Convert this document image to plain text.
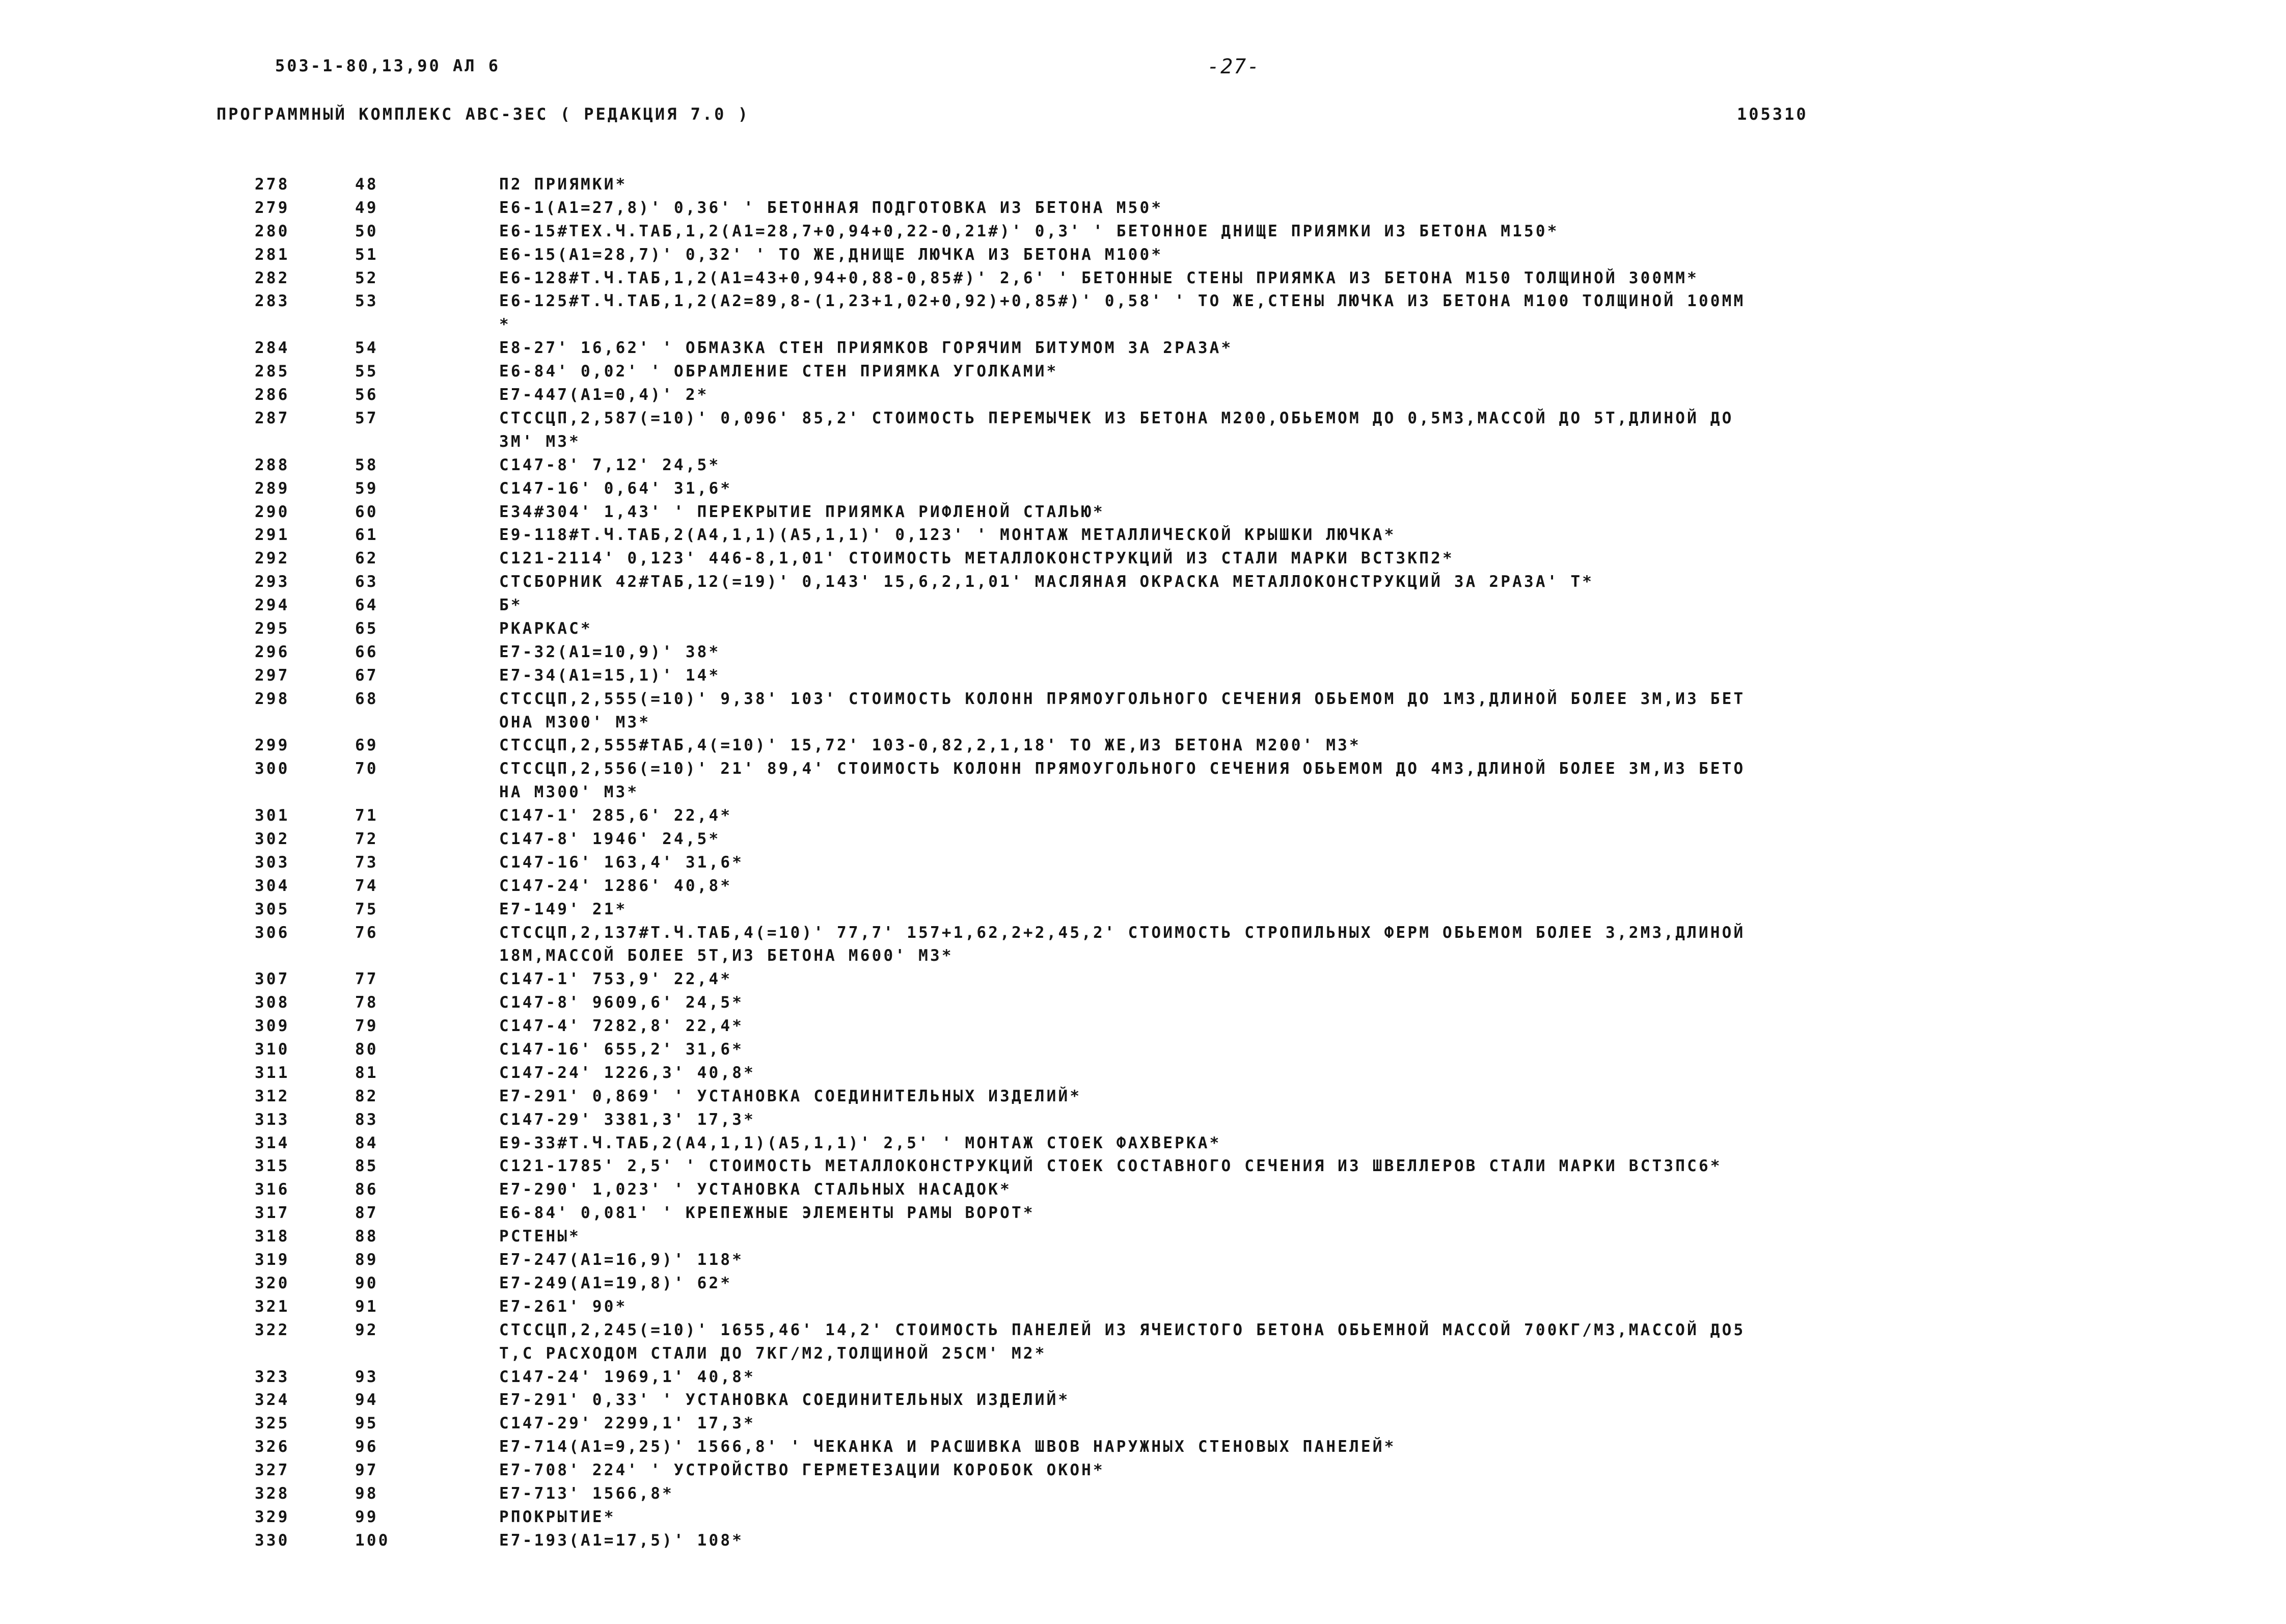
503-1-80,13,90 АЛ 6	-27-
ПРОГРАММНЫЙ КОМПЛЕКС АВС-3ЕС ( РЕДАКЦИЯ 7.0 )	105310
278	48	П2 ПРИЯМКИ*
279	49	Е6-1(А1=27,8)' 0,36' ' БЕТОННАЯ ПОДГОТОВКА ИЗ БЕТОНА М50*
280	50	Е6-15#ТЕХ.Ч.ТАБ,1,2(А1=28,7+0,94+0,22-0,21#)' 0,3' ' БЕТОННОЕ ДНИЩЕ ПРИЯМКИ ИЗ БЕТОНА М150*
281	51	Е6-15(А1=28,7)' 0,32' ' ТО ЖЕ,ДНИЩЕ ЛЮЧКА ИЗ БЕТОНА М100*
282	52	Е6-128#Т.Ч.ТАБ,1,2(А1=43+0,94+0,88-0,85#)' 2,6' ' БЕТОННЫЕ СТЕНЫ ПРИЯМКА ИЗ БЕТОНА М150 ТОЛЩИНОЙ 300ММ*
283	53	Е6-125#Т.Ч.ТАБ,1,2(А2=89,8-(1,23+1,02+0,92)+0,85#)' 0,58' ' ТО ЖЕ,СТЕНЫ ЛЮЧКА ИЗ БЕТОНА М100 ТОЛЩИНОЙ 100ММ
*
284	54	Е8-27' 16,62' ' ОБМАЗКА СТЕН ПРИЯМКОВ ГОРЯЧИМ БИТУМОМ ЗА 2РАЗА*
285	55	Е6-84' 0,02' ' ОБРАМЛЕНИЕ СТЕН ПРИЯМКА УГОЛКАМИ*
286	56	Е7-447(А1=0,4)' 2*
287	57	СТССЦП,2,587(=10)' 0,096' 85,2' СТОИМОСТЬ ПЕРЕМЫЧЕК ИЗ БЕТОНА М200,ОБЬЕМОМ ДО 0,5М3,МАССОЙ ДО 5Т,ДЛИНОЙ ДО
3М' М3*
288	58	С147-8' 7,12' 24,5*
289	59	С147-16' 0,64' 31,6*
290	60	Е34#304' 1,43' ' ПЕРЕКРЫТИЕ ПРИЯМКА РИФЛЕНОЙ СТАЛЬЮ*
291	61	Е9-118#Т.Ч.ТАБ,2(А4,1,1)(А5,1,1)' 0,123' ' МОНТАЖ МЕТАЛЛИЧЕСКОЙ КРЫШКИ ЛЮЧКА*
292	62	С121-2114' 0,123' 446-8,1,01' СТОИМОСТЬ МЕТАЛЛОКОНСТРУКЦИЙ ИЗ СТАЛИ МАРКИ ВСТ3КП2*
293	63	СТСБОРНИК 42#ТАБ,12(=19)' 0,143' 15,6,2,1,01' МАСЛЯНАЯ ОКРАСКА МЕТАЛЛОКОНСТРУКЦИЙ ЗА 2РАЗА' Т*
294	64	Б*
295	65	РКАРКАС*
296	66	Е7-32(А1=10,9)' 38*
297	67	Е7-34(А1=15,1)' 14*
298	68	СТССЦП,2,555(=10)' 9,38' 103' СТОИМОСТЬ КОЛОНН ПРЯМОУГОЛЬНОГО СЕЧЕНИЯ ОБЬЕМОМ ДО 1М3,ДЛИНОЙ БОЛЕЕ 3М,ИЗ БЕТ
ОНА М300' М3*
299	69	СТССЦП,2,555#ТАБ,4(=10)' 15,72' 103-0,82,2,1,18' ТО ЖЕ,ИЗ БЕТОНА М200' М3*
300	70	СТССЦП,2,556(=10)' 21' 89,4' СТОИМОСТЬ КОЛОНН ПРЯМОУГОЛЬНОГО СЕЧЕНИЯ ОБЬЕМОМ ДО 4М3,ДЛИНОЙ БОЛЕЕ 3М,ИЗ БЕТО
НА М300' М3*
301	71	С147-1' 285,6' 22,4*
302	72	С147-8' 1946' 24,5*
303	73	С147-16' 163,4' 31,6*
304	74	С147-24' 1286' 40,8*
305	75	Е7-149' 21*
306	76	СТССЦП,2,137#Т.Ч.ТАБ,4(=10)' 77,7' 157+1,62,2+2,45,2' СТОИМОСТЬ СТРОПИЛЬНЫХ ФЕРМ ОБЬЕМОМ БОЛЕЕ 3,2М3,ДЛИНОЙ
18М,МАССОЙ БОЛЕЕ 5Т,ИЗ БЕТОНА М600' М3*
307	77	С147-1' 753,9' 22,4*
308	78	С147-8' 9609,6' 24,5*
309	79	С147-4' 7282,8' 22,4*
310	80	С147-16' 655,2' 31,6*
311	81	С147-24' 1226,3' 40,8*
312	82	Е7-291' 0,869' ' УСТАНОВКА СОЕДИНИТЕЛЬНЫХ ИЗДЕЛИЙ*
313	83	С147-29' 3381,3' 17,3*
314	84	Е9-33#Т.Ч.ТАБ,2(А4,1,1)(А5,1,1)' 2,5' ' МОНТАЖ СТОЕК ФАХВЕРКА*
315	85	С121-1785' 2,5' ' СТОИМОСТЬ МЕТАЛЛОКОНСТРУКЦИЙ СТОЕК СОСТАВНОГО СЕЧЕНИЯ ИЗ ШВЕЛЛЕРОВ СТАЛИ МАРКИ ВСТ3ПС6*
316	86	Е7-290' 1,023' ' УСТАНОВКА СТАЛЬНЫХ НАСАДОК*
317	87	Е6-84' 0,081' ' КРЕПЕЖНЫЕ ЭЛЕМЕНТЫ РАМЫ ВОРОТ*
318	88	РСТЕНЫ*
319	89	Е7-247(А1=16,9)' 118*
320	90	Е7-249(А1=19,8)' 62*
321	91	Е7-261' 90*
322	92	СТССЦП,2,245(=10)' 1655,46' 14,2' СТОИМОСТЬ ПАНЕЛЕЙ ИЗ ЯЧЕИСТОГО БЕТОНА ОБЬЕМНОЙ МАССОЙ 700КГ/М3,МАССОЙ ДО5
Т,С РАСХОДОМ СТАЛИ ДО 7КГ/М2,ТОЛЩИНОЙ 25СМ' М2*
323	93	С147-24' 1969,1' 40,8*
324	94	Е7-291' 0,33' ' УСТАНОВКА СОЕДИНИТЕЛЬНЫХ ИЗДЕЛИЙ*
325	95	С147-29' 2299,1' 17,3*
326	96	Е7-714(А1=9,25)' 1566,8' ' ЧЕКАНКА И РАСШИВКА ШВОВ НАРУЖНЫХ СТЕНОВЫХ ПАНЕЛЕЙ*
327	97	Е7-708' 224' ' УСТРОЙСТВО ГЕРМЕТЕЗАЦИИ КОРОБОК ОКОН*
328	98	Е7-713' 1566,8*
329	99	РПОКРЫТИЕ*
330	100	Е7-193(А1=17,5)' 108*
